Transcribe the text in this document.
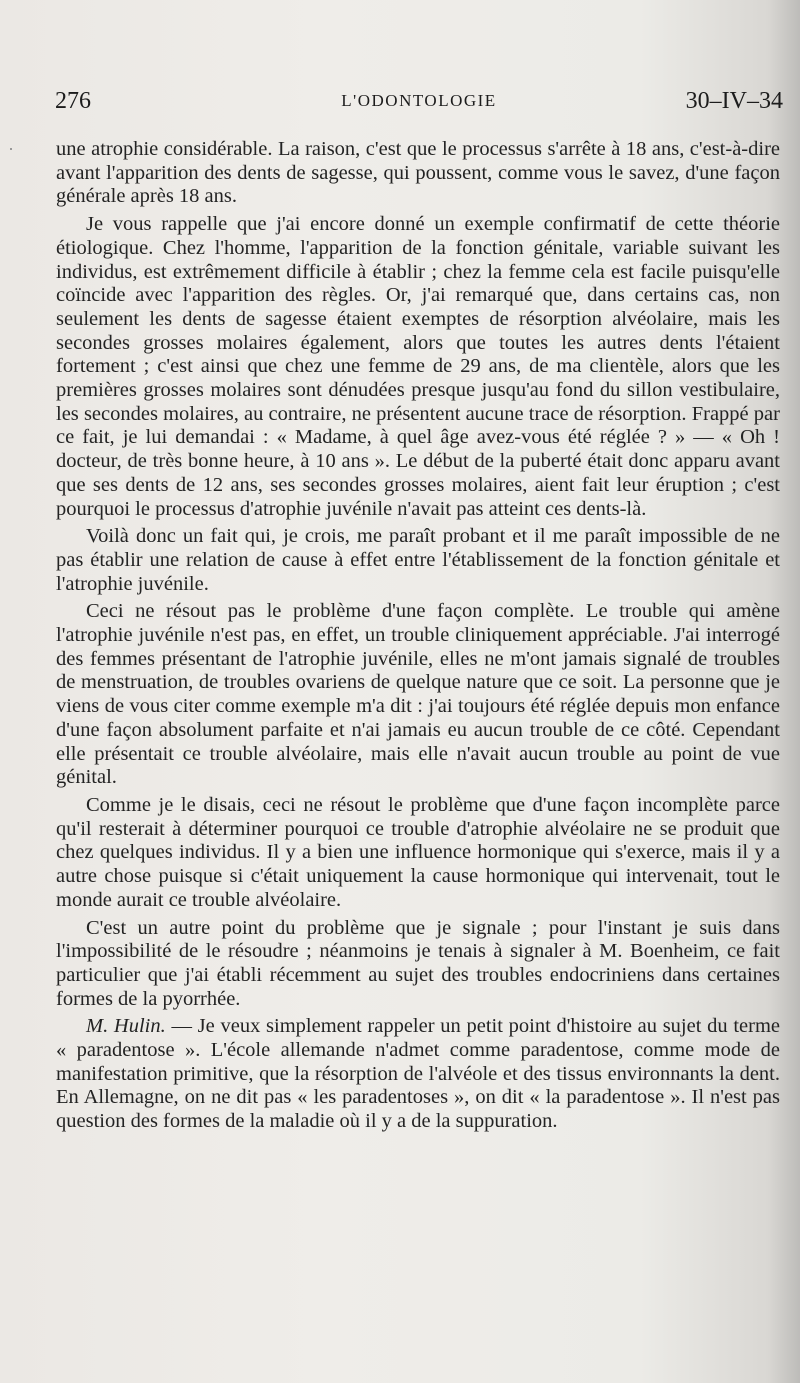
276	L'ODONTOLOGIE	30–IV–34

une atrophie considérable. La raison, c'est que le processus s'arrête à 18 ans, c'est-à-dire avant l'apparition des dents de sagesse, qui poussent, comme vous le savez, d'une façon générale après 18 ans.

Je vous rappelle que j'ai encore donné un exemple confirmatif de cette théorie étiologique. Chez l'homme, l'apparition de la fonction génitale, variable suivant les individus, est extrêmement difficile à établir ; chez la femme cela est facile puisqu'elle coïncide avec l'apparition des règles. Or, j'ai remarqué que, dans certains cas, non seulement les dents de sagesse étaient exemptes de résorption alvéolaire, mais les secondes grosses molaires également, alors que toutes les autres dents l'étaient fortement ; c'est ainsi que chez une femme de 29 ans, de ma clientèle, alors que les premières grosses molaires sont dénudées presque jusqu'au fond du sillon vestibulaire, les secondes molaires, au contraire, ne présentent aucune trace de résorption. Frappé par ce fait, je lui demandai : « Madame, à quel âge avez-vous été réglée ? » — « Oh ! docteur, de très bonne heure, à 10 ans ». Le début de la puberté était donc apparu avant que ses dents de 12 ans, ses secondes grosses molaires, aient fait leur éruption ; c'est pourquoi le processus d'atrophie juvénile n'avait pas atteint ces dents-là.

Voilà donc un fait qui, je crois, me paraît probant et il me paraît impossible de ne pas établir une relation de cause à effet entre l'établissement de la fonction génitale et l'atrophie juvénile.

Ceci ne résout pas le problème d'une façon complète. Le trouble qui amène l'atrophie juvénile n'est pas, en effet, un trouble cliniquement appréciable. J'ai interrogé des femmes présentant de l'atrophie juvénile, elles ne m'ont jamais signalé de troubles de menstruation, de troubles ovariens de quelque nature que ce soit. La personne que je viens de vous citer comme exemple m'a dit : j'ai toujours été réglée depuis mon enfance d'une façon absolument parfaite et n'ai jamais eu aucun trouble de ce côté. Cependant elle présentait ce trouble alvéolaire, mais elle n'avait aucun trouble au point de vue génital.

Comme je le disais, ceci ne résout le problème que d'une façon incomplète parce qu'il resterait à déterminer pourquoi ce trouble d'atrophie alvéolaire ne se produit que chez quelques individus. Il y a bien une influence hormonique qui s'exerce, mais il y a autre chose puisque si c'était uniquement la cause hormonique qui intervenait, tout le monde aurait ce trouble alvéolaire.

C'est un autre point du problème que je signale ; pour l'instant je suis dans l'impossibilité de le résoudre ; néanmoins je tenais à signaler à M. Boenheim, ce fait particulier que j'ai établi récemment au sujet des troubles endocriniens dans certaines formes de la pyorrhée.

M. Hulin. — Je veux simplement rappeler un petit point d'histoire au sujet du terme « paradentose ». L'école allemande n'admet comme paradentose, comme mode de manifestation primitive, que la résorption de l'alvéole et des tissus environnants la dent. En Allemagne, on ne dit pas « les paradentoses », on dit « la paradentose ». Il n'est pas question des formes de la maladie où il y a de la suppuration.
